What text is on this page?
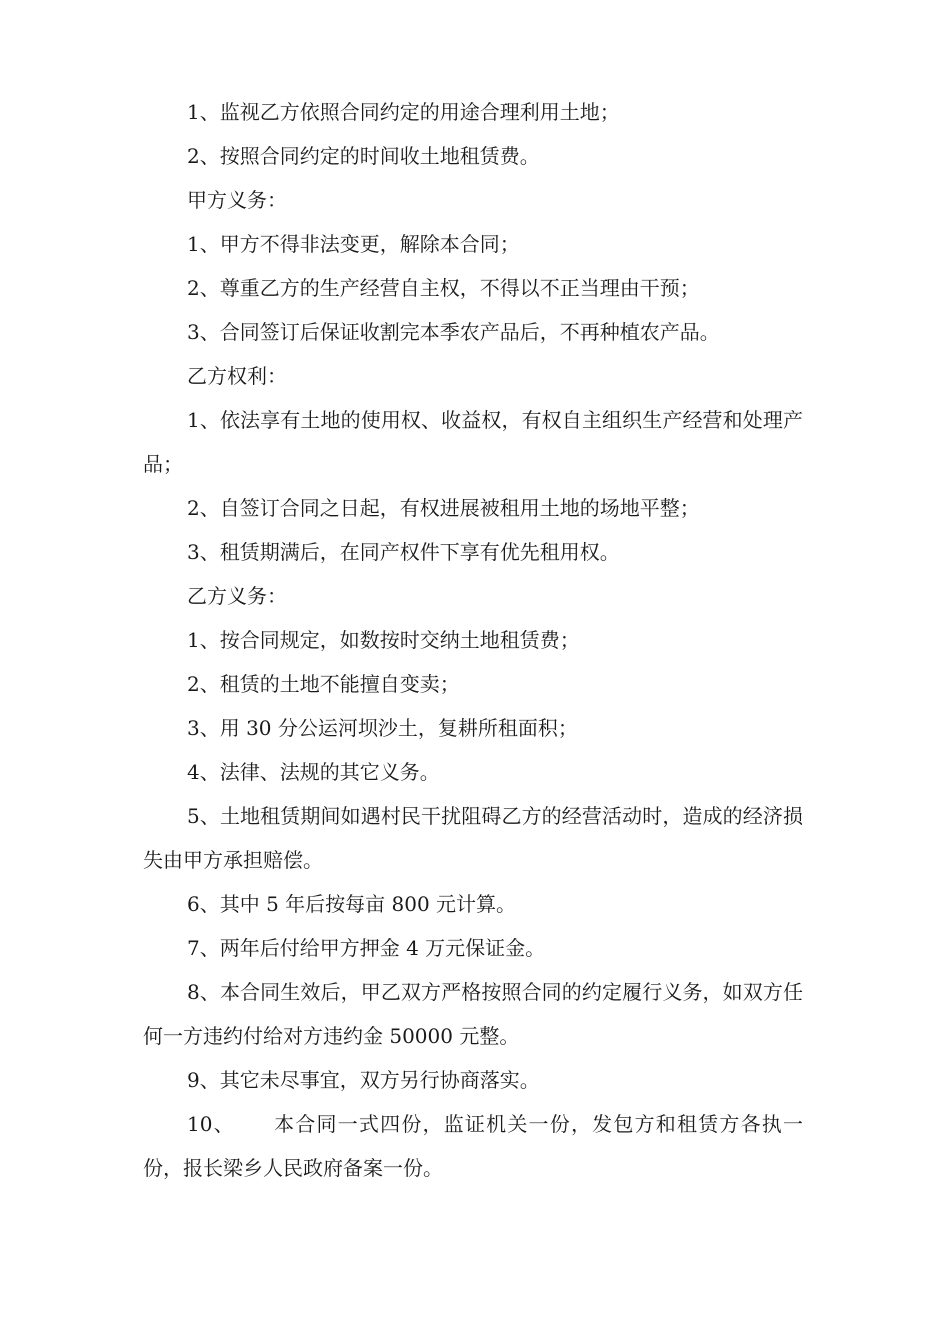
1、监视乙方依照合同约定的用途合理利用土地；

2、按照合同约定的时间收土地租赁费。

甲方义务：

1、甲方不得非法变更，解除本合同；

2、尊重乙方的生产经营自主权，不得以不正当理由干预；

3、合同签订后保证收割完本季农产品后，不再种植农产品。

乙方权利：

1、依法享有土地的使用权、收益权，有权自主组织生产经营和处理产品；

2、自签订合同之日起，有权进展被租用土地的场地平整；

3、租赁期满后，在同产权件下享有优先租用权。

乙方义务：

1、按合同规定，如数按时交纳土地租赁费；

2、租赁的土地不能擅自变卖；

3、用 30 分公运河坝沙土，复耕所租面积；

4、法律、法规的其它义务。

5、土地租赁期间如遇村民干扰阻碍乙方的经营活动时，造成的经济损失由甲方承担赔偿。

6、其中 5 年后按每亩 800 元计算。

7、两年后付给甲方押金 4 万元保证金。

8、本合同生效后，甲乙双方严格按照合同的约定履行义务，如双方任何一方违约付给对方违约金 50000 元整。

9、其它未尽事宜，双方另行协商落实。

10、 本合同一式四份，监证机关一份，发包方和租赁方各执一 份，报长梁乡人民政府备案一份。
